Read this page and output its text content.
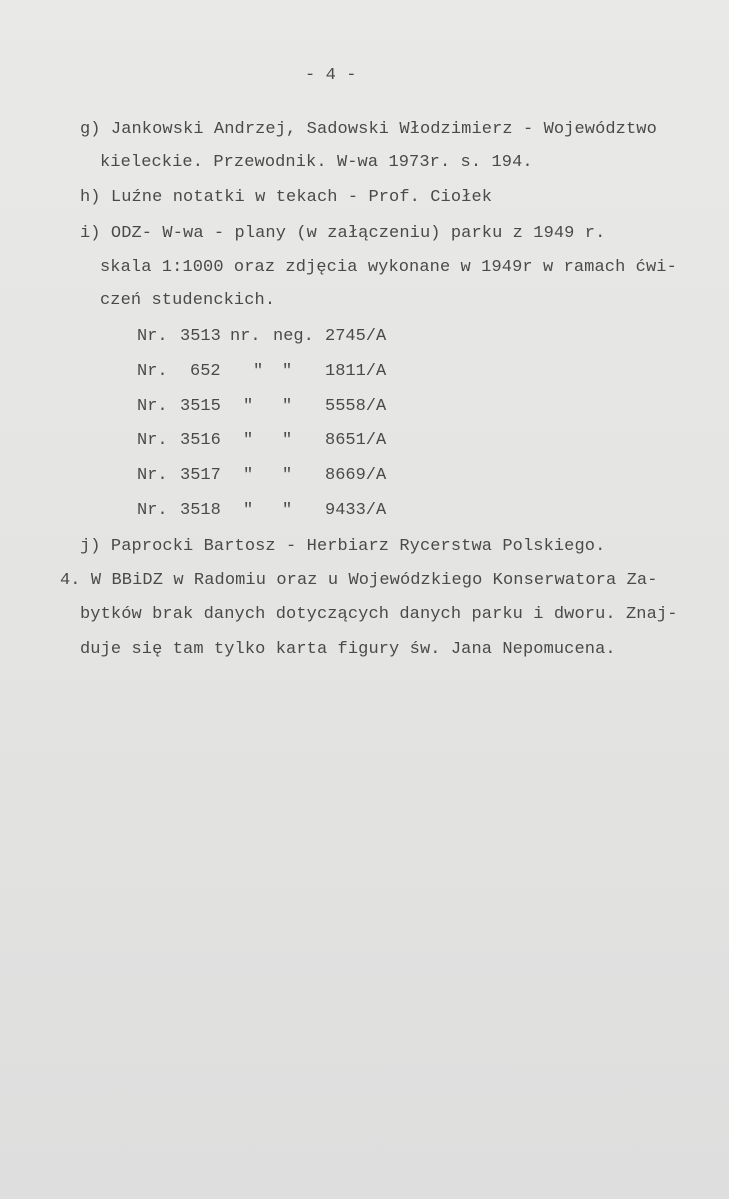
- 4 -
g) Jankowski Andrzej, Sadowski Włodzimierz - Województwo
kieleckie. Przewodnik. W-wa 1973r. s. 194.
h) Luźne notatki w tekach - Prof. Ciołek
i) ODZ- W-wa - plany (w załączeniu) parku z 1949 r.
skala 1:1000 oraz zdjęcia wykonane w 1949r w ramach ćwi-
czeń studenckich.
Nr. 3513 nr. neg. 2745/A
Nr. 652 " " 1811/A
Nr. 3515 " " 5558/A
Nr. 3516 " " 8651/A
Nr. 3517 " " 8669/A
Nr. 3518 " " 9433/A
j) Paprocki Bartosz - Herbiarz Rycerstwa Polskiego.
4. W BBiDZ w Radomiu oraz u Wojewódzkiego Konserwatora Za-
bytków brak danych dotyczących danych parku i dworu. Znaj-
duje się tam tylko karta figury św. Jana Nepomucena.
